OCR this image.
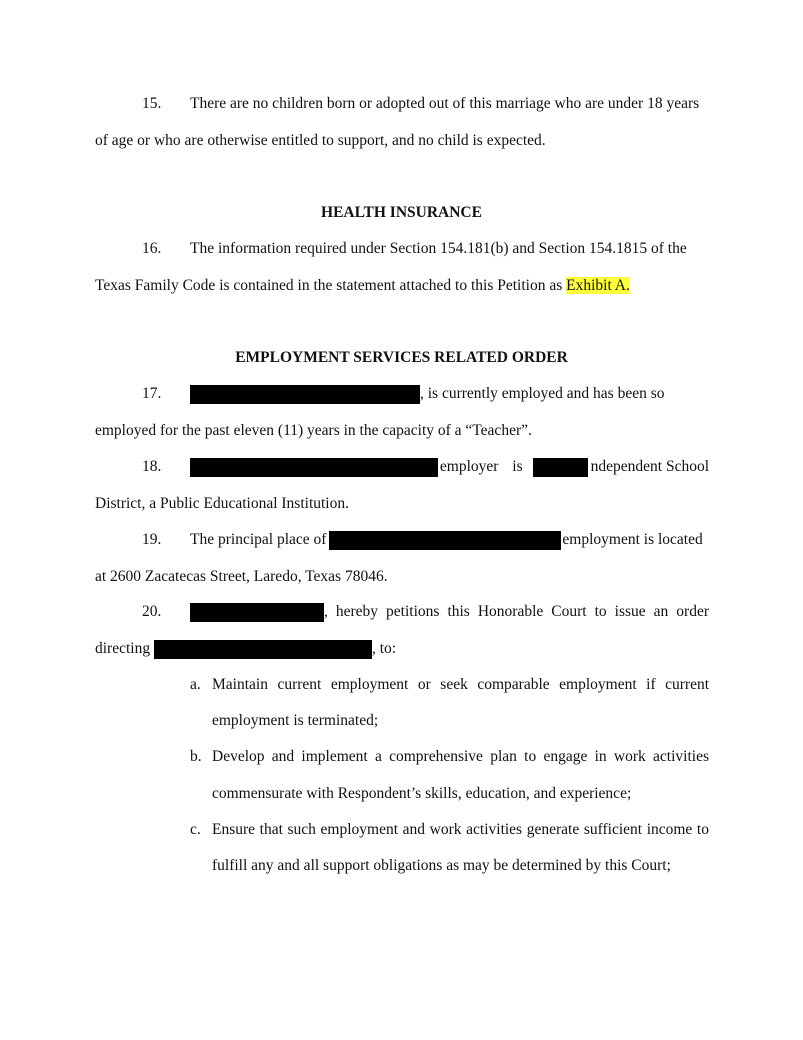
15.	There are no children born or adopted out of this marriage who are under 18 years
of age or who are otherwise entitled to support, and no child is expected.
HEALTH INSURANCE
16.	The information required under Section 154.181(b) and Section 154.1815 of the
Texas Family Code is contained in the statement attached to this Petition as Exhibit A.
EMPLOYMENT SERVICES RELATED ORDER
17.	, is currently employed and has been so
employed for the past eleven (11) years in the capacity of a “Teacher”.
18.	employer is	ndependent School
District, a Public Educational Institution.
19.	The principal place of	employment is located
at 2600 Zacatecas Street, Laredo, Texas 78046.
20.	, hereby petitions this Honorable Court to issue an order
directing	, to:
a. Maintain current employment or seek comparable employment if current
employment is terminated;
b. Develop and implement a comprehensive plan to engage in work activities
commensurate with Respondent’s skills, education, and experience;
c. Ensure that such employment and work activities generate sufficient income to
fulfill any and all support obligations as may be determined by this Court;
